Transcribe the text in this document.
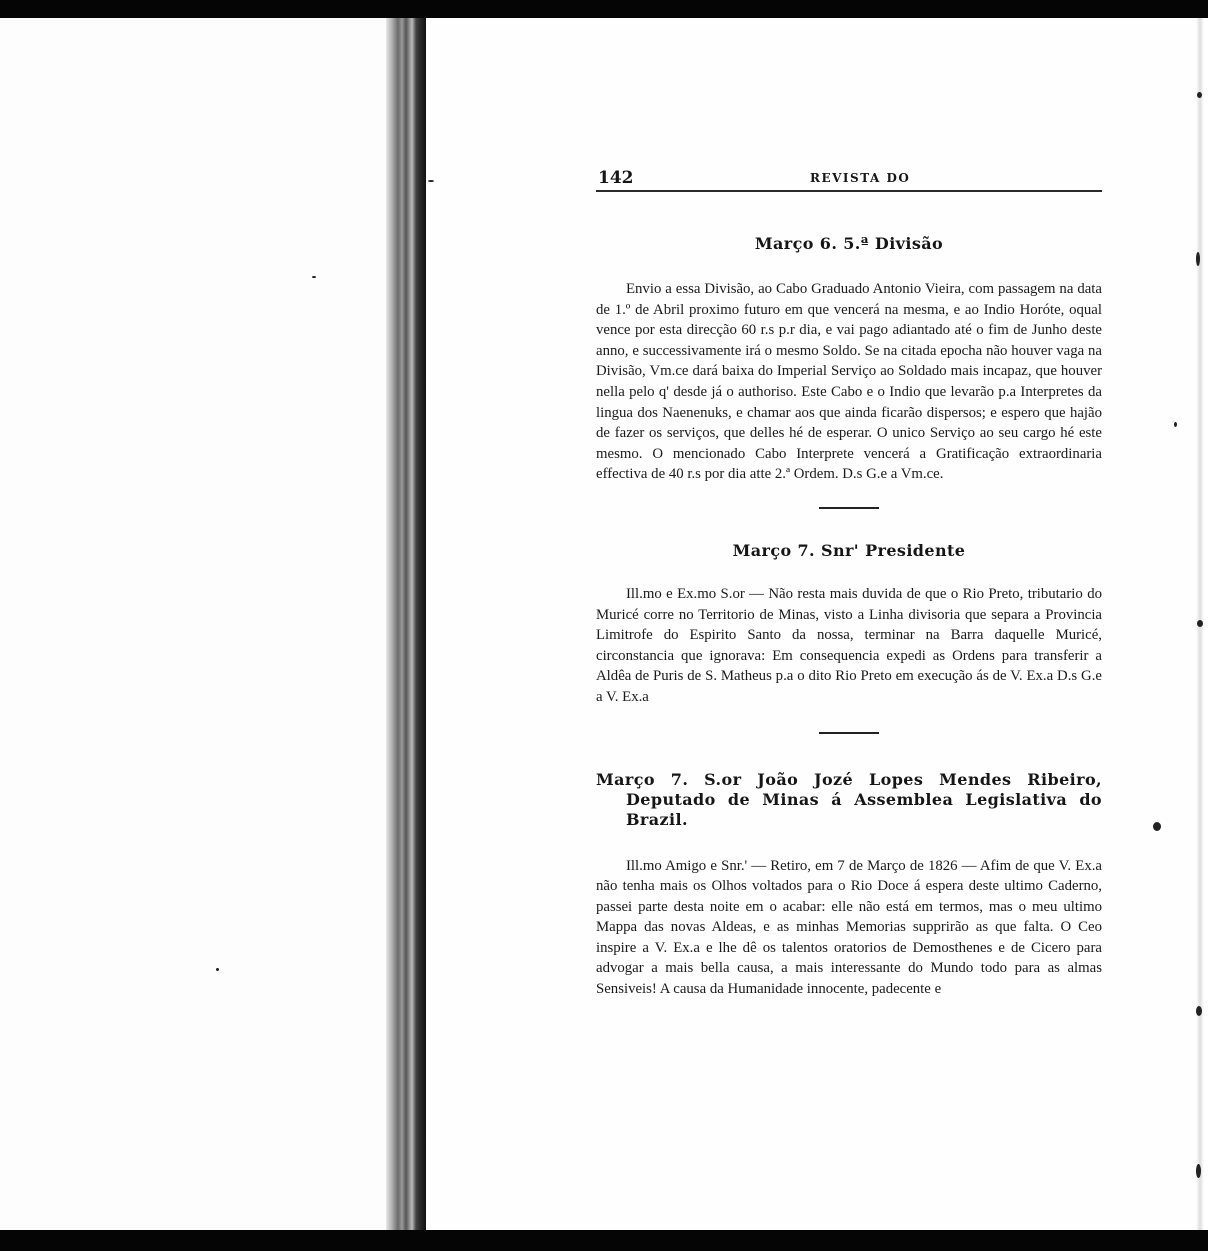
142	REVISTA DO
Março 6. 5.ª Divisão

Envio a essa Divisão, ao Cabo Graduado Antonio Vieira, com passagem na data de 1.º de Abril proximo futuro em que vencerá na mesma, e ao Indio Horóte, oqual vence por esta direcção 60 r.s p.r dia, e vai pago adiantado até o fim de Junho deste anno, e successivamente irá o mesmo Soldo. Se na citada epocha não houver vaga na Divisão, Vm.ce dará baixa do Imperial Serviço ao Soldado mais incapaz, que houver nella pelo q' desde já o authoriso. Este Cabo e o Indio que levarão p.a Interpretes da lingua dos Naenenuks, e chamar aos que ainda ficarão dispersos; e espero que hajão de fazer os serviços, que delles hé de esperar. O unico Serviço ao seu cargo hé este mesmo. O mencionado Cabo Interprete vencerá a Gratificação extraordinaria effectiva de 40 r.s por dia atte 2.ª Ordem. D.s G.e a Vm.ce.

Março 7. Snr' Presidente

Ill.mo e Ex.mo S.or — Não resta mais duvida de que o Rio Preto, tributario do Muricé corre no Territorio de Minas, visto a Linha divisoria que separa a Provincia Limitrofe do Espirito Santo da nossa, terminar na Barra daquelle Muricé, circonstancia que ignorava: Em consequencia expedi as Ordens para transferir a Aldêa de Puris de S. Matheus p.a o dito Rio Preto em execução ás de V. Ex.a D.s G.e a V. Ex.a

Março 7. S.or João Jozé Lopes Mendes Ribeiro, Deputado de Minas á Assemblea Legislativa do Brazil.

Ill.mo Amigo e Snr.' — Retiro, em 7 de Março de 1826 — Afim de que V. Ex.a não tenha mais os Olhos voltados para o Rio Doce á espera deste ultimo Caderno, passei parte desta noite em o acabar: elle não está em termos, mas o meu ultimo Mappa das novas Aldeas, e as minhas Memorias supprirão as que falta. O Ceo inspire a V. Ex.a e lhe dê os talentos oratorios de Demosthenes e de Cicero para advogar a mais bella causa, a mais interessante do Mundo todo para as almas Sensiveis! A causa da Humanidade innocente, padecente e
